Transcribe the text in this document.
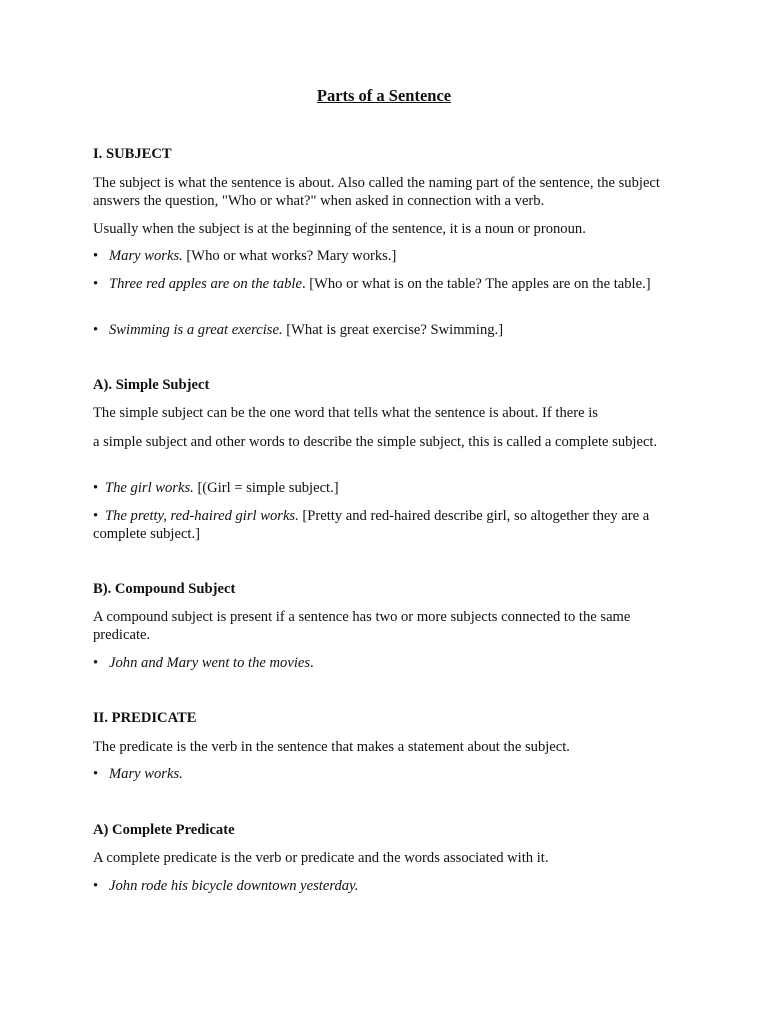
Parts of a Sentence
I. SUBJECT

The subject is what the sentence is about. Also called the naming part of the sentence, the subject answers the question, "Who or what?" when asked in connection with a verb.

Usually when the subject is at the beginning of the sentence, it is a noun or pronoun.

• Mary works. [Who or what works? Mary works.]

• Three red apples are on the table. [Who or what is on the table? The apples are on the table.]

• Swimming is a great exercise. [What is great exercise? Swimming.]

A). Simple Subject

The simple subject can be the one word that tells what the sentence is about. If there is

a simple subject and other words to describe the simple subject, this is called a complete subject.

• The girl works. [(Girl = simple subject.]

• The pretty, red-haired girl works. [Pretty and red-haired describe girl, so altogether they are a complete subject.]

B). Compound Subject

A compound subject is present if a sentence has two or more subjects connected to the same predicate.

• John and Mary went to the movies.

II. PREDICATE

The predicate is the verb in the sentence that makes a statement about the subject.

• Mary works.

A) Complete Predicate

A complete predicate is the verb or predicate and the words associated with it.

• John rode his bicycle downtown yesterday.
